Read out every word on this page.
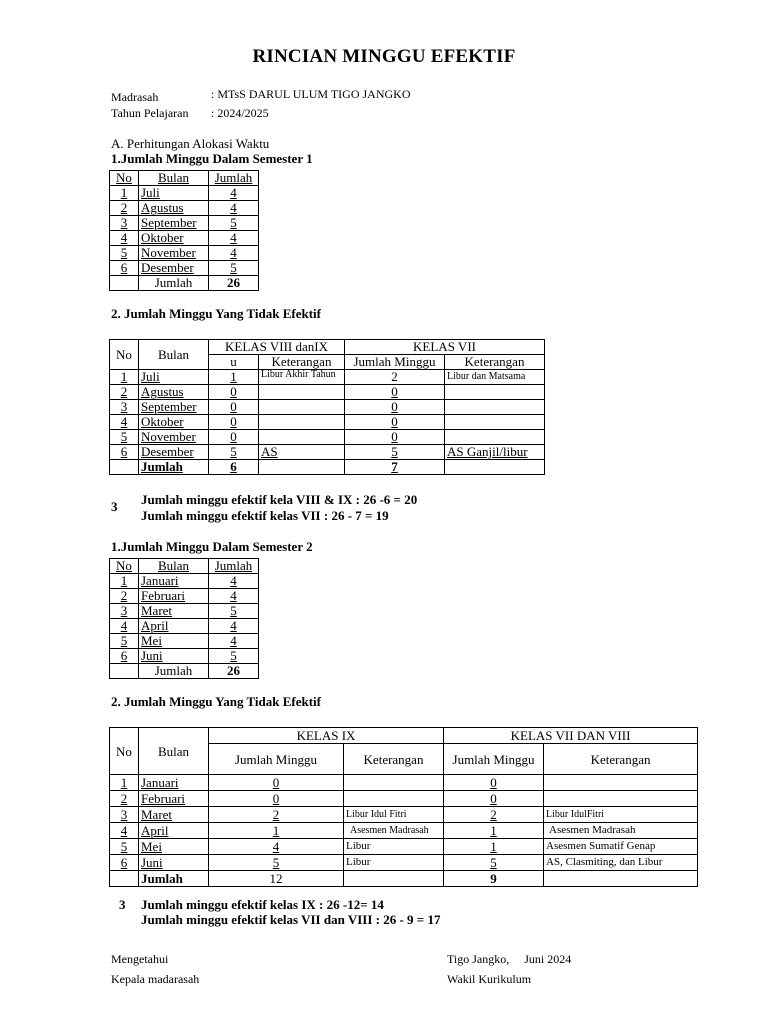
RINCIAN MINGGU EFEKTIF
Madrasah	: MTsS DARUL ULUM TIGO JANGKO
Tahun Pelajaran : 2024/2025
A. Perhitungan Alokasi Waktu
1.Jumlah Minggu Dalam Semester 1
No	Bulan	Jumlah
1	Juli	4
2	Agustus	4
3	September	5
4	Oktober	4
5	November	4
6	Desember	5
	Jumlah	26
2. Jumlah Minggu Yang Tidak Efektif
No	Bulan	KELAS VIII danIX		KELAS VII	
		u	Keterangan	Jumlah Minggu	Keterangan
1	Juli	1	Libur Akhir Tahun	2	Libur dan Matsama
2	Agustus	0		0	
3	September	0		0	
4	Oktober	0		0	
5	November	0		0	
6	Desember	5	AS	5	AS Ganjil/libur
	Jumlah	6		7	
3 Jumlah minggu efektif kela VIII & IX : 26 -6 = 20
Jumlah minggu efektif kelas VII : 26 - 7 = 19
1.Jumlah Minggu Dalam Semester 2
No	Bulan	Jumlah
1	Januari	4
2	Februari	4
3	Maret	5
4	April	4
5	Mei	4
6	Juni	5
	Jumlah	26
2. Jumlah Minggu Yang Tidak Efektif
No	Bulan	KELAS IX		KELAS VII DAN VIII	
		Jumlah Minggu	Keterangan	Jumlah Minggu	Keterangan
1	Januari	0		0	
2	Februari	0		0	
3	Maret	2	Libur Idul Fitri	2	Libur IdulFitri
4	April	1	Asesmen Madrasah	1	Asesmen Madrasah
5	Mei	4	Libur	1	Asesmen Sumatif Genap
6	Juni	5	Libur	5	AS, Clasmiting, dan Libur
	Jumlah	12		9	
3 Jumlah minggu efektif kelas IX : 26 -12= 14
Jumlah minggu efektif kelas VII dan VIII : 26 - 9 = 17
Mengetahui
Kepala madarasah
Tigo Jangko,     Juni 2024
Wakil Kurikulum
